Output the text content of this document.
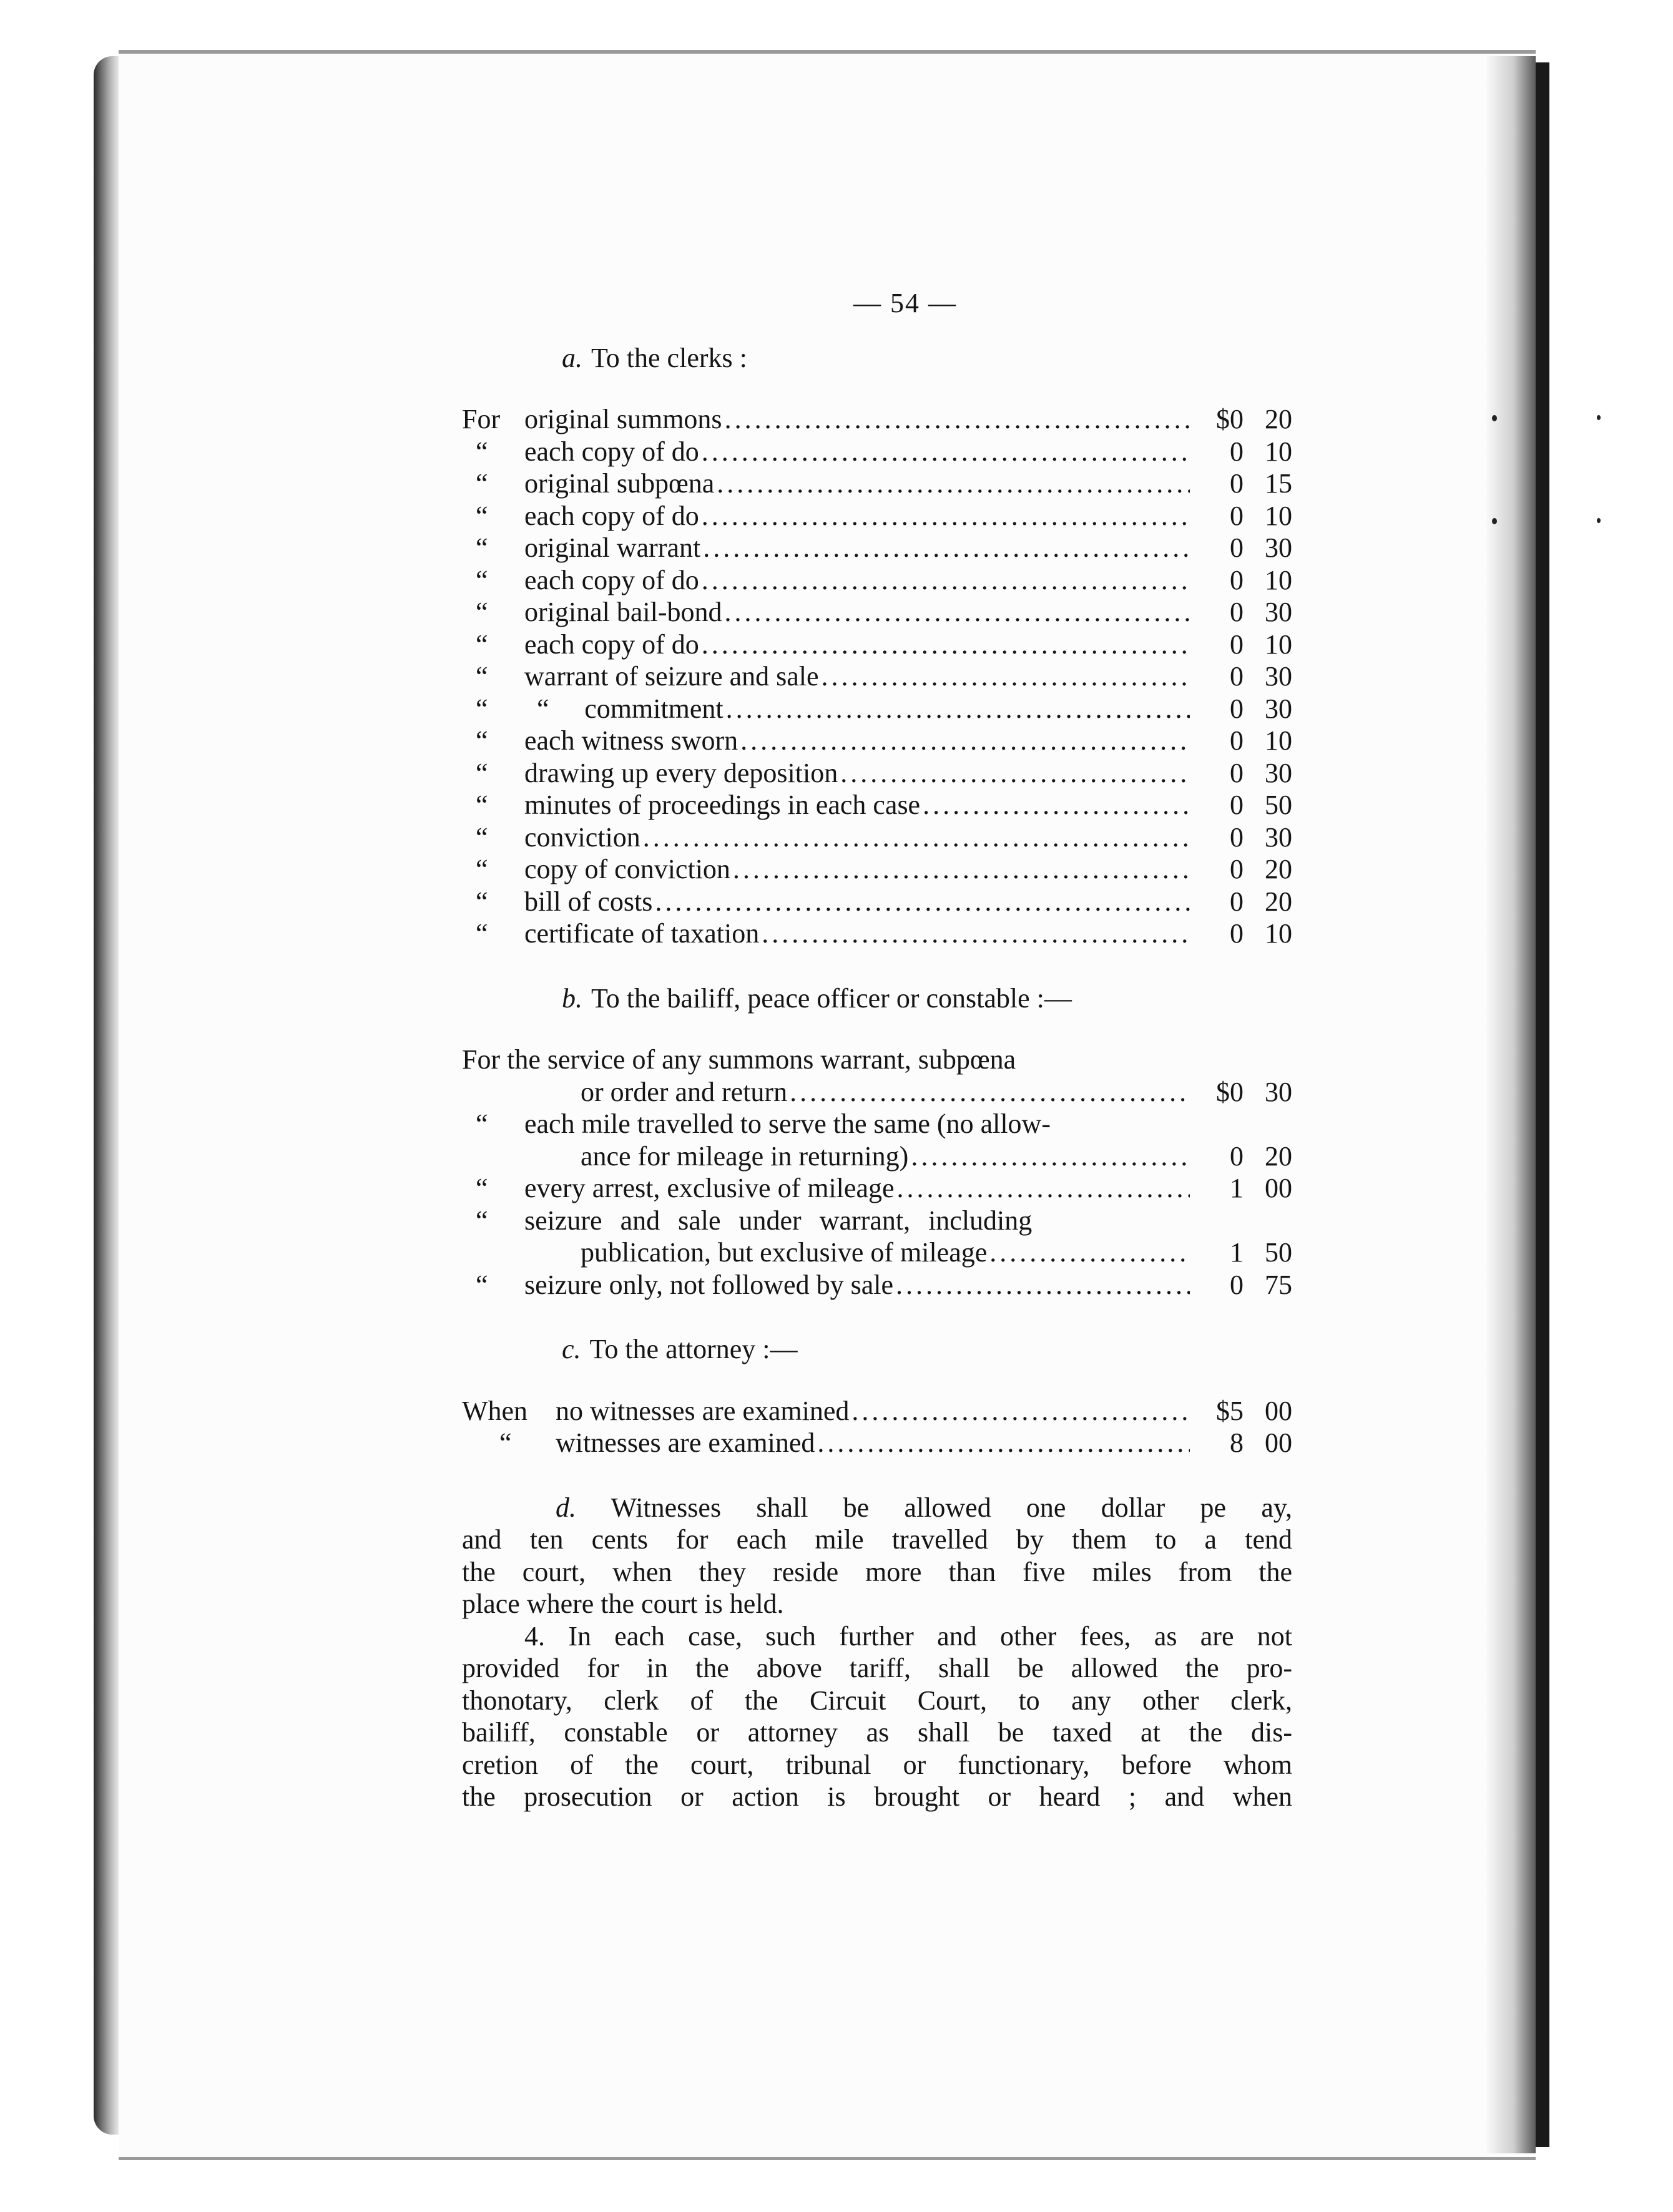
— 54 —

a. To the clerks :

For original summons .....	$0 20
“	each copy of do .....	0 10
“	original subpœna .....	0 15
“	each copy of do .....	0 10
“	original warrant .....	0 30
“	each copy of do .....	0 10
“	original bail-bond .....	0 30
“	each copy of do .....	0 10
“	warrant of seizure and sale .....	0 30
“	“	commitment .....	0 30
“	each witness sworn .....	0 10
“	drawing up every deposition .....	0 30
“	minutes of proceedings in each case .....	0 50
“	conviction .....	0 30
“	copy of conviction .....	0 20
“	bill of costs .....	0 20
“	certificate of taxation .....	0 10

b. To the bailiff, peace officer or constable :—

For the service of any summons warrant, subpœna
or order and return .....	$0 30
“	each mile travelled to serve the same (no allow-
ance for mileage in returning) .....	0 20
“	every arrest, exclusive of mileage .....	1 00
“	seizure and sale under warrant, including
publication, but exclusive of mileage .....	1 50
“	seizure only, not followed by sale .....	0 75

c. To the attorney :—

When	no witnesses are examined .....	$5 00
“	witnesses are examined .....	8 00

d. Witnesses shall be allowed one dollar pe ay,

and ten cents for each mile travelled by them to a tend

the court, when they reside more than five miles from the

place where the court is held.

4. In each case, such further and other fees, as are not

provided for in the above tariff, shall be allowed the pro-

thonotary, clerk of the Circuit Court, to any other clerk,

bailiff, constable or attorney as shall be taxed at the dis-

cretion of the court, tribunal or functionary, before whom

the prosecution or action is brought or heard ; and when
